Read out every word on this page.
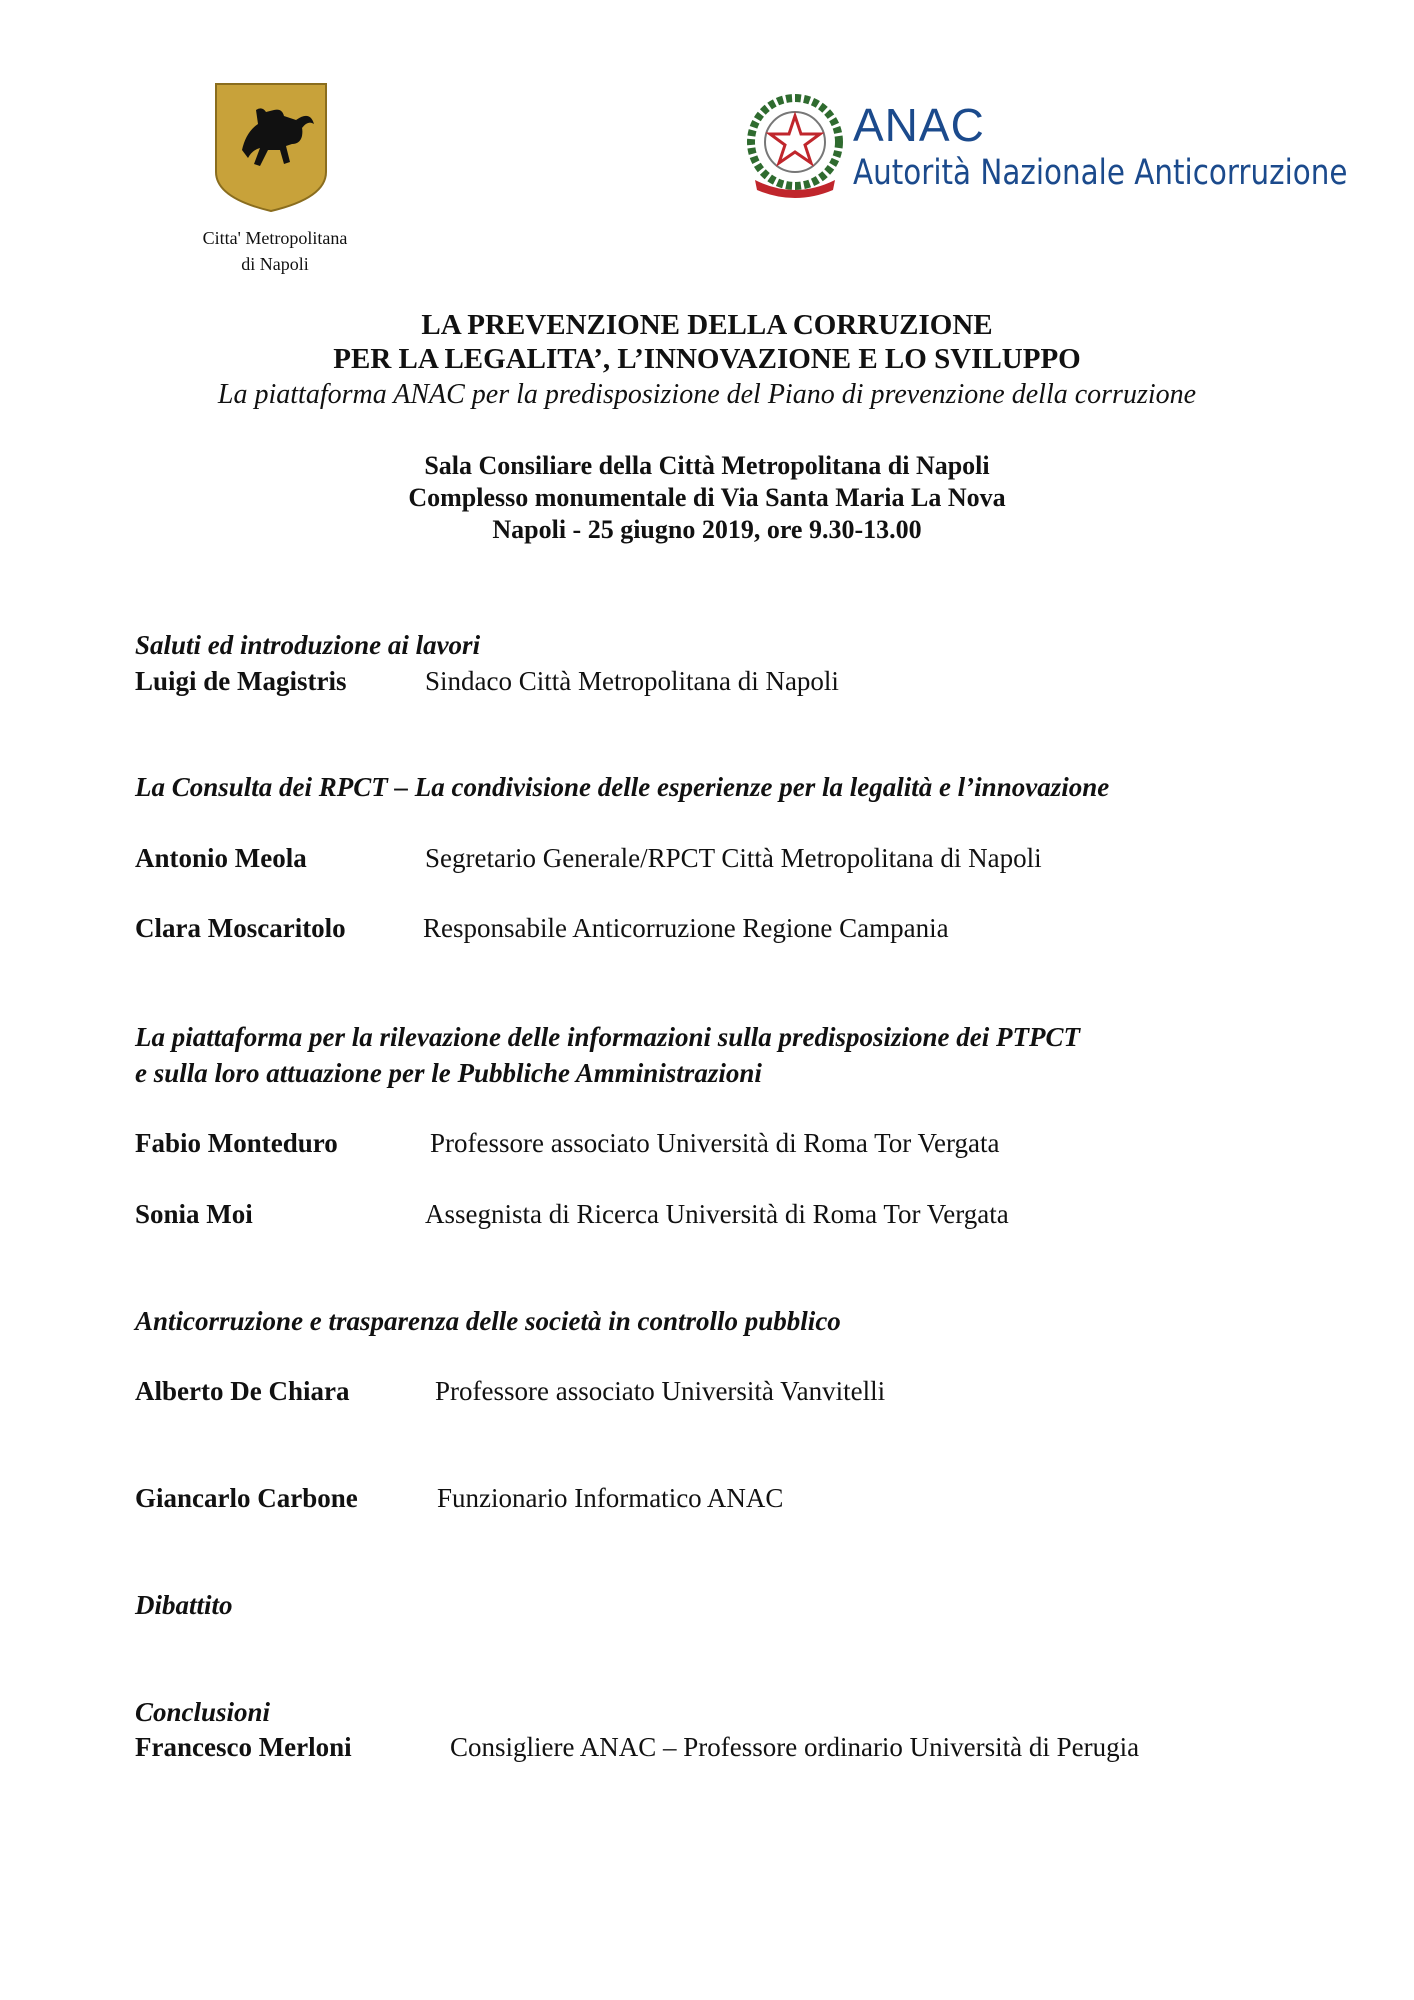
Citta' Metropolitana
di Napoli
ANAC
Autorità Nazionale Anticorruzione
LA PREVENZIONE DELLA CORRUZIONE
PER LA LEGALITA’, L’INNOVAZIONE E LO SVILUPPO
La piattaforma ANAC per la predisposizione del Piano di prevenzione della corruzione
Sala Consiliare della Città Metropolitana di Napoli
Complesso monumentale di Via Santa Maria La Nova
Napoli - 25 giugno 2019, ore 9.30-13.00
Saluti ed introduzione ai lavori
Luigi de Magistris	Sindaco Città Metropolitana di Napoli
La Consulta dei RPCT – La condivisione delle esperienze per la legalità e l’innovazione
Antonio Meola	Segretario Generale/RPCT Città Metropolitana di Napoli
Clara Moscaritolo	Responsabile Anticorruzione Regione Campania
La piattaforma per la rilevazione delle informazioni sulla predisposizione dei PTPCT
e sulla loro attuazione per le Pubbliche Amministrazioni
Fabio Monteduro	Professore associato Università di Roma Tor Vergata
Sonia Moi	Assegnista di Ricerca Università di Roma Tor Vergata
Anticorruzione e trasparenza delle società in controllo pubblico
Alberto De Chiara	Professore associato Università Vanvitelli
Giancarlo Carbone	Funzionario Informatico ANAC
Dibattito
Conclusioni
Francesco Merloni	Consigliere ANAC – Professore ordinario Università di Perugia
